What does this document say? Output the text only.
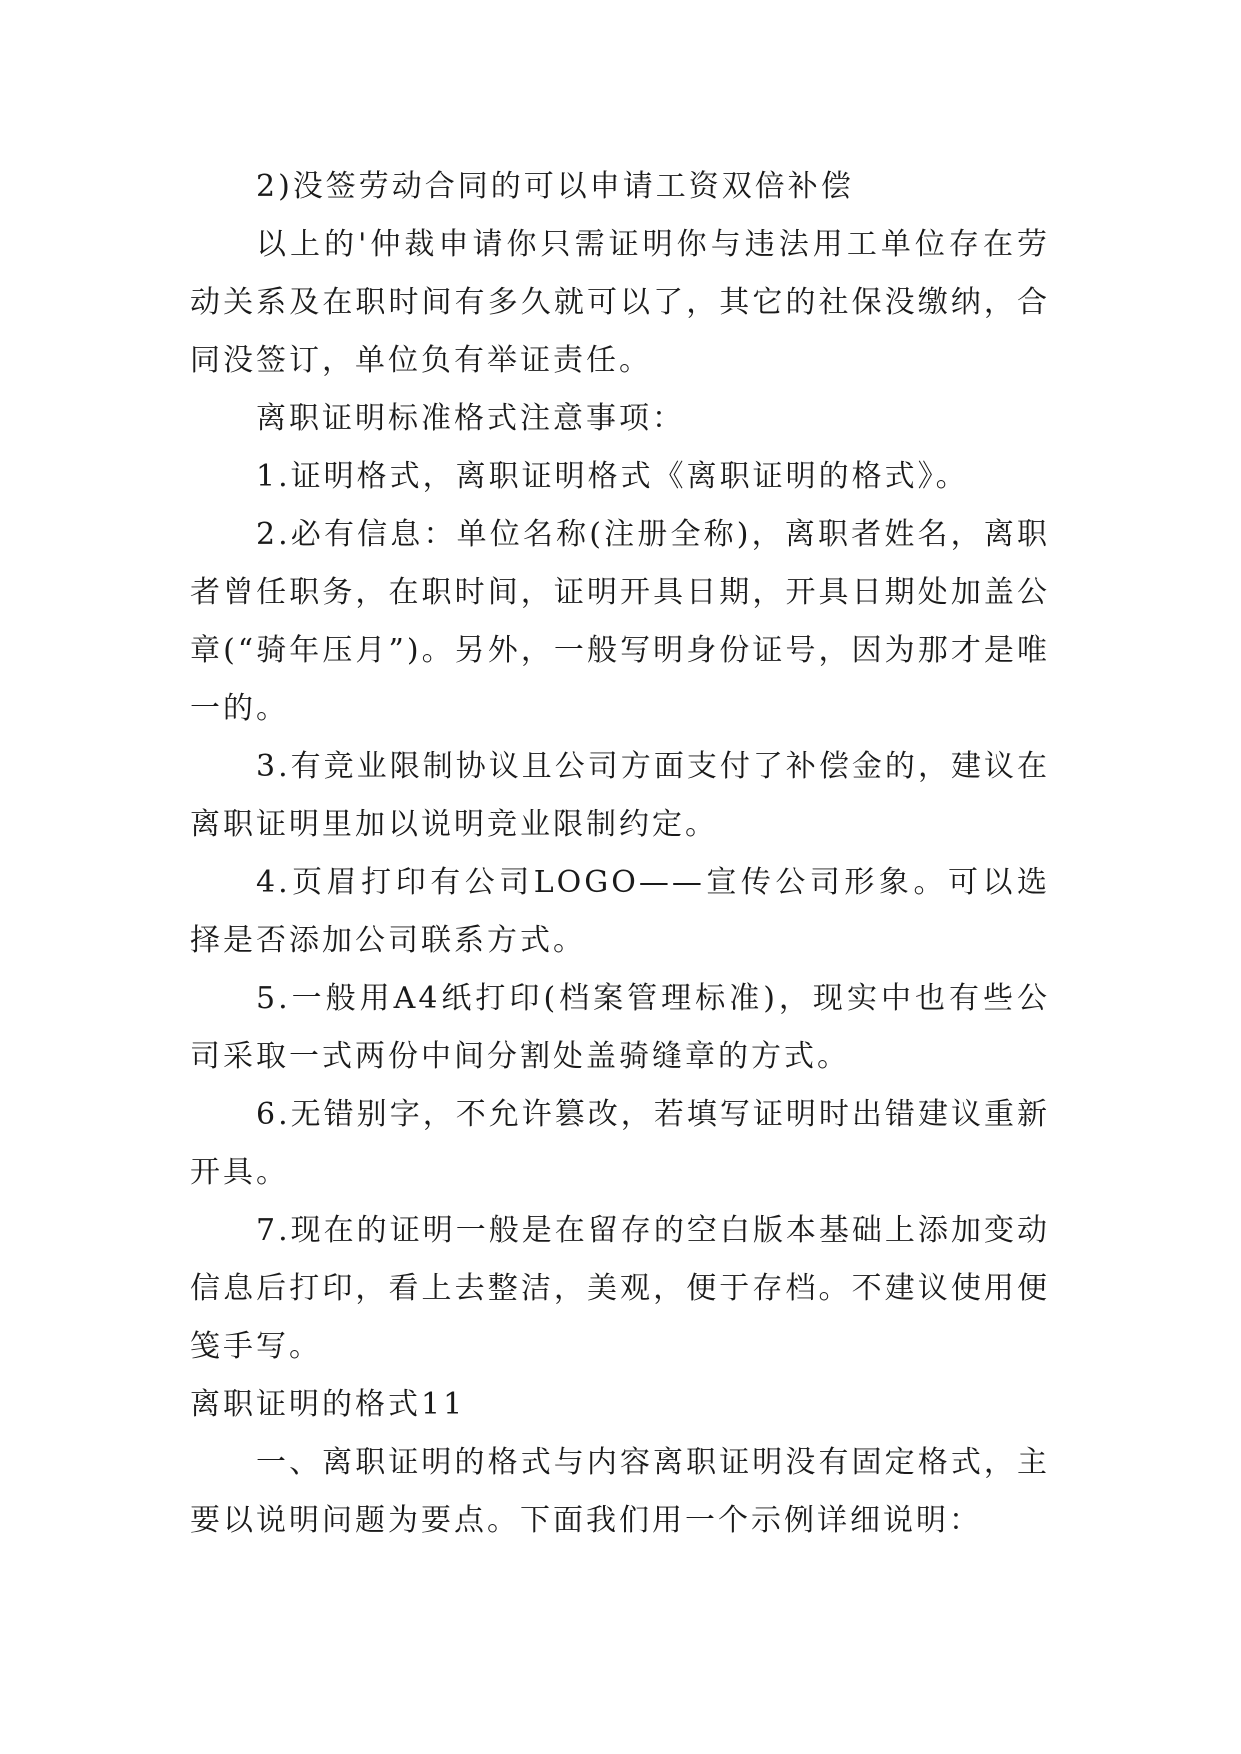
2)没签劳动合同的可以申请工资双倍补偿

以上的'仲裁申请你只需证明你与违法用工单位存在劳动关系及在职时间有多久就可以了，其它的社保没缴纳，合同没签订，单位负有举证责任。

离职证明标准格式注意事项：

1.证明格式，离职证明格式《离职证明的格式》。

2.必有信息：单位名称(注册全称)，离职者姓名，离职者曾任职务，在职时间，证明开具日期，开具日期处加盖公章(“骑年压月”)。另外，一般写明身份证号，因为那才是唯一的。

3.有竞业限制协议且公司方面支付了补偿金的，建议在离职证明里加以说明竞业限制约定。

4.页眉打印有公司LOGO——宣传公司形象。可以选择是否添加公司联系方式。

5.一般用A4纸打印(档案管理标准)，现实中也有些公司采取一式两份中间分割处盖骑缝章的方式。

6.无错别字，不允许篡改，若填写证明时出错建议重新开具。

7.现在的证明一般是在留存的空白版本基础上添加变动信息后打印，看上去整洁，美观，便于存档。不建议使用便笺手写。

离职证明的格式11

一、离职证明的格式与内容离职证明没有固定格式，主要以说明问题为要点。下面我们用一个示例详细说明：
